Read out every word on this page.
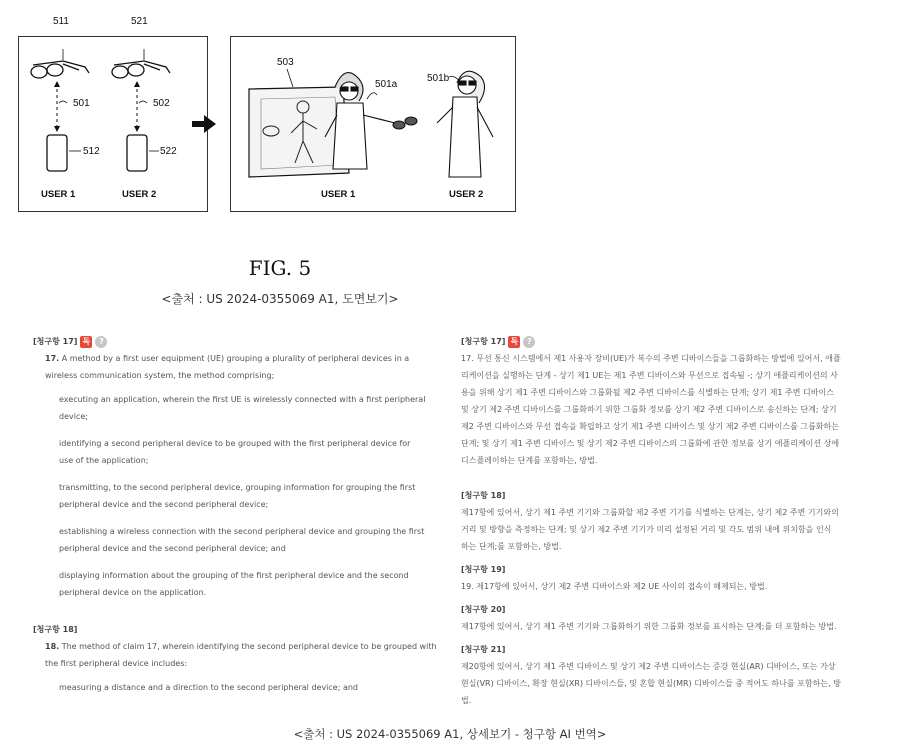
501	502
512	522
USER 1	USER 2
511	521
503
501a
501b
USER 1	USER 2
FIG. 5
<출처 : US 2024-0355069 A1, 도면보기>
[청구항 17] 독	?
17. A method by a first user equipment (UE) grouping a plurality of peripheral devices in a
wireless communication system, the method comprising;
executing an application, wherein the first UE is wirelessly connected with a first peripheral
device;
identifying a second peripheral device to be grouped with the first peripheral device for
use of the application;
transmitting, to the second peripheral device, grouping information for grouping the first
peripheral device and the second peripheral device;
establishing a wireless connection with the second peripheral device and grouping the first
peripheral device and the second peripheral device; and
displaying information about the grouping of the first peripheral device and the second
peripheral device on the application.
[청구항 18]
18. The method of claim 17, wherein identifying the second peripheral device to be grouped with
the first peripheral device includes:
measuring a distance and a direction to the second peripheral device; and
[청구항 17] 독	?
17. 무선 통신 시스템에서 제1 사용자 장비(UE)가 복수의 주변 디바이스들을 그룹화하는 방법에 있어서, 애플
리케이션을 실행하는 단계 - 상기 제1 UE는 제1 주변 디바이스와 무선으로 접속됨 -; 상기 애플리케이션의 사
용을 위해 상기 제1 주변 디바이스와 그룹화될 제2 주변 디바이스를 식별하는 단계; 상기 제1 주변 디바이스
및 상기 제2 주변 디바이스를 그룹화하기 위한 그룹화 정보를 상기 제2 주변 디바이스로 송신하는 단계; 상기
제2 주변 디바이스와 무선 접속을 확립하고 상기 제1 주변 디바이스 및 상기 제2 주변 디바이스를 그룹화하는
단계; 및 상기 제1 주변 디바이스 및 상기 제2 주변 디바이스의 그룹화에 관한 정보를 상기 애플리케이션 상에
디스플레이하는 단계를 포함하는, 방법.
[청구항 18]
제17항에 있어서, 상기 제1 주변 기기와 그룹화할 제2 주변 기기를 식별하는 단계는, 상기 제2 주변 기기와의
거리 및 방향을 측정하는 단계; 및 상기 제2 주변 기기가 미리 설정된 거리 및 각도 범위 내에 위치함을 인식
하는 단계;를 포함하는, 방법.
[청구항 19]
19. 제17항에 있어서, 상기 제2 주변 디바이스와 제2 UE 사이의 접속이 해제되는, 방법.
[청구항 20]
제17항에 있어서, 상기 제1 주변 기기와 그룹화하기 위한 그룹화 정보를 표시하는 단계;를 더 포함하는 방법.
[청구항 21]
제20항에 있어서, 상기 제1 주변 디바이스 및 상기 제2 주변 디바이스는 증강 현실(AR) 디바이스, 또는 가상
현실(VR) 디바이스, 확장 현실(XR) 디바이스들, 및 혼합 현실(MR) 디바이스들 중 적어도 하나를 포함하는, 방
법.
<출처 : US 2024-0355069 A1, 상세보기 - 청구항 AI 번역>
